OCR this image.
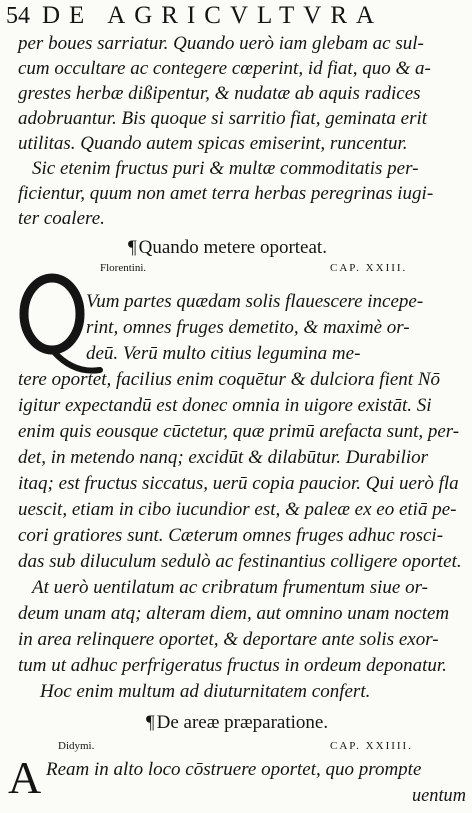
54 DE AGRICVLTVRA
per boues sarriatur. Quando uerò iam glebam ac sul-
cum occultare ac contegere cœperint, id fiat, quo & a-
grestes herbæ dißipentur, & nudatæ ab aquis radices
adobruantur. Bis quoque si sarritio fiat, geminata erit
utilitas. Quando autem spicas emiserint, runcentur.
Sic etenim fructus puri & multæ commoditatis per-
ficientur, quum non amet terra herbas peregrinas iugi-
ter coalere.
¶ Quando metere oporteat.
Florentini.	CAP. XXIII.
Vum partes quædam solis flauescere incepe-
rint, omnes fruges demetito, & maximè or-
deū. Verū multo citius legumina me-
tere oportet, facilius enim coquētur & dulciora fient Nō
igitur expectandū est donec omnia in uigore existāt. Si
enim quis eousque cūctetur, quæ primū arefacta sunt, per-
det, in metendo nanq; excidūt & dilabūtur. Durabilior
itaq; est fructus siccatus, uerū copia paucior. Qui uerò fla
uescit, etiam in cibo iucundior est, & paleæ ex eo etiā pe-
cori gratiores sunt. Cæterum omnes fruges adhuc rosci-
das sub diluculum sedulò ac festinantius colligere oportet.
At uerò uentilatum ac cribratum frumentum siue or-
deum unam atq; alteram diem, aut omnino unam noctem
in area relinquere oportet, & deportare ante solis exor-
tum ut adhuc perfrigeratus fructus in ordeum deponatur.
Hoc enim multum ad diuturnitatem confert.
¶ De areæ præparatione.
Didymi.	CAP. XXIIII.
A Ream in alto loco cōstruere oportet, quo prompte
uentum
